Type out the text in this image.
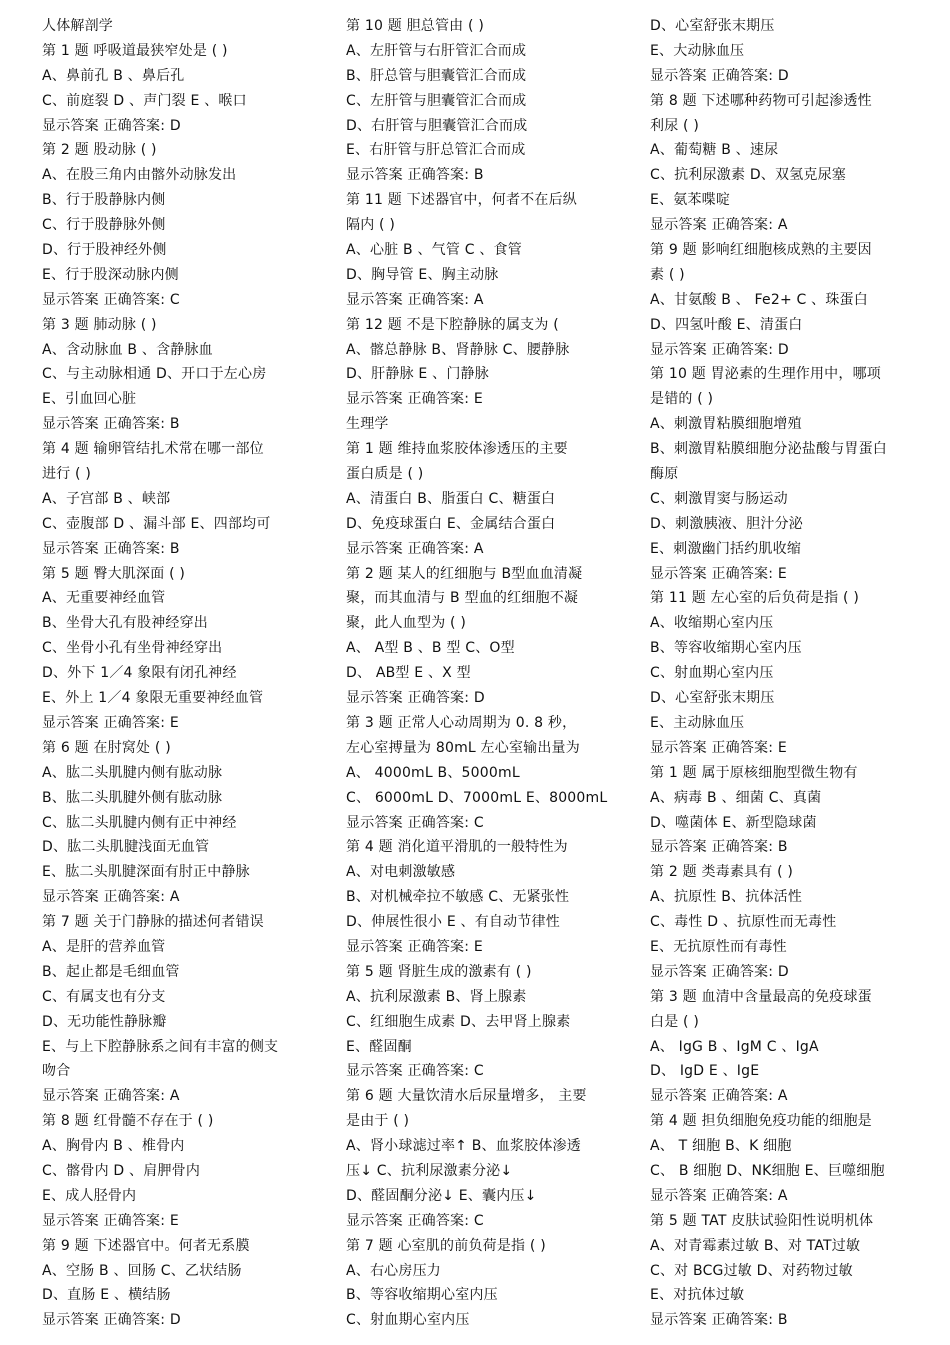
人体解剖学
第 1 题 呼吸道最狭窄处是 ( )
A、鼻前孔 B 、鼻后孔
C、前庭裂 D 、声门裂 E 、喉口
显示答案 正确答案: D
第 2 题 股动脉 ( )
A、在股三角内由髂外动脉发出
B、行于股静脉内侧
C、行于股静脉外侧
D、行于股神经外侧
E、行于股深动脉内侧
显示答案 正确答案: C
第 3 题 肺动脉 ( )
A、含动脉血 B 、含静脉血
C、与主动脉相通 D、开口于左心房
E、引血回心脏
显示答案 正确答案: B
第 4 题 输卵管结扎术常在哪一部位
进行 ( )
A、子宫部 B 、峡部
C、壶腹部 D 、漏斗部 E、四部均可
显示答案 正确答案: B
第 5 题 臀大肌深面 ( )
A、无重要神经血管
B、坐骨大孔有股神经穿出
C、坐骨小孔有坐骨神经穿出
D、外下 1／4 象限有闭孔神经
E、外上 1／4 象限无重要神经血管
显示答案 正确答案: E
第 6 题 在肘窝处 ( )
A、肱二头肌腱内侧有肱动脉
B、肱二头肌腱外侧有肱动脉
C、肱二头肌腱内侧有正中神经
D、肱二头肌腱浅面无血管
E、肱二头肌腱深面有肘正中静脉
显示答案 正确答案: A
第 7 题 关于门静脉的描述何者错误
A、是肝的营养血管
B、起止都是毛细血管
C、有属支也有分支
D、无功能性静脉瓣
E、与上下腔静脉系之间有丰富的侧支
吻合
显示答案 正确答案: A
第 8 题 红骨髓不存在于 ( )
A、胸骨内 B 、椎骨内
C、髂骨内 D 、肩胛骨内
E、成人胫骨内
显示答案 正确答案: E
第 9 题 下述器官中。何者无系膜
A、空肠 B 、回肠 C、乙状结肠
D、直肠 E 、横结肠
显示答案 正确答案: D
第 10 题 胆总管由 ( )
A、左肝管与右肝管汇合而成
B、肝总管与胆囊管汇合而成
C、左肝管与胆囊管汇合而成
D、右肝管与胆囊管汇合而成
E、右肝管与肝总管汇合而成
显示答案 正确答案: B
第 11 题 下述器官中，何者不在后纵
隔内 ( )
A、心脏 B 、气管 C 、食管
D、胸导管 E、胸主动脉
显示答案 正确答案: A
第 12 题 不是下腔静脉的属支为 (
A、髂总静脉 B、肾静脉 C、腰静脉
D、肝静脉 E 、门静脉
显示答案 正确答案: E
生理学
第 1 题 维持血浆胶体渗透压的主要
蛋白质是 ( )
A、清蛋白 B、脂蛋白 C、糖蛋白
D、免疫球蛋白 E、金属结合蛋白
显示答案 正确答案: A
第 2 题 某人的红细胞与 B型血血清凝
聚，而其血清与 B 型血的红细胞不凝
聚，此人血型为 ( )
A、 A型 B 、B 型 C、O型
D、 AB型 E 、X 型
显示答案 正确答案: D
第 3 题 正常人心动周期为 0. 8 秒，
左心室搏量为 80mL 左心室输出量为
A、 4000mL B、5000mL
C、 6000mL D、7000mL E、8000mL
显示答案 正确答案: C
第 4 题 消化道平滑肌的一般特性为
A、对电刺激敏感
B、对机械牵拉不敏感 C、无紧张性
D、伸展性很小 E 、有自动节律性
显示答案 正确答案: E
第 5 题 肾脏生成的激素有 ( )
A、抗利尿激素 B、肾上腺素
C、红细胞生成素 D、去甲肾上腺素
E、醛固酮
显示答案 正确答案: C
第 6 题 大量饮清水后尿量增多， 主要
是由于 ( )
A、肾小球滤过率↑ B、血浆胶体渗透
压↓ C、抗利尿激素分泌↓
D、醛固酮分泌↓ E、囊内压↓
显示答案 正确答案: C
第 7 题 心室肌的前负荷是指 ( )
A、右心房压力
B、等容收缩期心室内压
C、射血期心室内压
D、心室舒张末期压
E、大动脉血压
显示答案 正确答案: D
第 8 题 下述哪种药物可引起渗透性
利尿 ( )
A、葡萄糖 B 、速尿
C、抗利尿激素 D、双氢克尿塞
E、氨苯喋啶
显示答案 正确答案: A
第 9 题 影响红细胞核成熟的主要因
素 ( )
A、甘氨酸 B 、 Fe2+ C 、珠蛋白
D、四氢叶酸 E、清蛋白
显示答案 正确答案: D
第 10 题 胃泌素的生理作用中，哪项
是错的 ( )
A、刺激胃粘膜细胞增殖
B、刺激胃粘膜细胞分泌盐酸与胃蛋白
酶原
C、刺激胃窦与肠运动
D、刺激胰液、胆汁分泌
E、刺激幽门括约肌收缩
显示答案 正确答案: E
第 11 题 左心室的后负荷是指 ( )
A、收缩期心室内压
B、等容收缩期心室内压
C、射血期心室内压
D、心室舒张末期压
E、主动脉血压
显示答案 正确答案: E
第 1 题 属于原核细胞型微生物有
A、病毒 B 、细菌 C、真菌
D、噬菌体 E、新型隐球菌
显示答案 正确答案: B
第 2 题 类毒素具有 ( )
A、抗原性 B、抗体活性
C、毒性 D 、抗原性而无毒性
E、无抗原性而有毒性
显示答案 正确答案: D
第 3 题 血清中含量最高的免疫球蛋
白是 ( )
A、 IgG B 、IgM C 、IgA
D、 IgD E 、IgE
显示答案 正确答案: A
第 4 题 担负细胞免疫功能的细胞是
A、 T 细胞 B、K 细胞
C、 B 细胞 D、NK细胞 E、巨噬细胞
显示答案 正确答案: A
第 5 题 TAT 皮肤试验阳性说明机体
A、对青霉素过敏 B、对 TAT过敏
C、对 BCG过敏 D、对药物过敏
E、对抗体过敏
显示答案 正确答案: B
